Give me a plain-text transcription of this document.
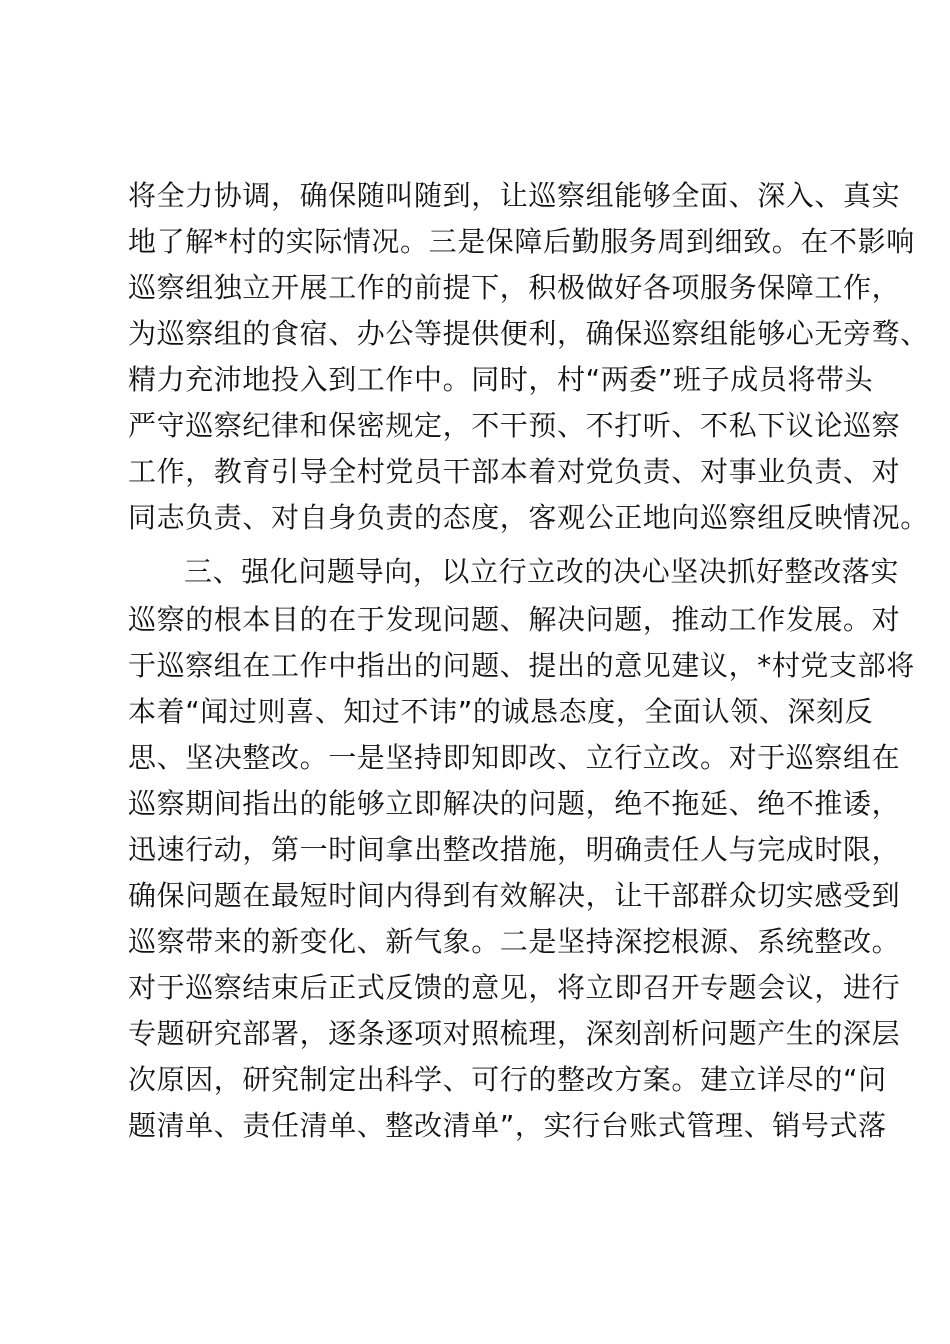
将全力协调，确保随叫随到，让巡察组能够全面、深入、真实
地了解*村的实际情况。三是保障后勤服务周到细致。在不影响
巡察组独立开展工作的前提下，积极做好各项服务保障工作，
为巡察组的食宿、办公等提供便利，确保巡察组能够心无旁骛、
精力充沛地投入到工作中。同时，村“两委”班子成员将带头
严守巡察纪律和保密规定，不干预、不打听、不私下议论巡察
工作，教育引导全村党员干部本着对党负责、对事业负责、对
同志负责、对自身负责的态度，客观公正地向巡察组反映情况。
三、强化问题导向，以立行立改的决心坚决抓好整改落实
巡察的根本目的在于发现问题、解决问题，推动工作发展。对
于巡察组在工作中指出的问题、提出的意见建议，*村党支部将
本着“闻过则喜、知过不讳”的诚恳态度，全面认领、深刻反
思、坚决整改。一是坚持即知即改、立行立改。对于巡察组在
巡察期间指出的能够立即解决的问题，绝不拖延、绝不推诿，
迅速行动，第一时间拿出整改措施，明确责任人与完成时限，
确保问题在最短时间内得到有效解决，让干部群众切实感受到
巡察带来的新变化、新气象。二是坚持深挖根源、系统整改。
对于巡察结束后正式反馈的意见，将立即召开专题会议，进行
专题研究部署，逐条逐项对照梳理，深刻剖析问题产生的深层
次原因，研究制定出科学、可行的整改方案。建立详尽的“问
题清单、责任清单、整改清单”，实行台账式管理、销号式落
